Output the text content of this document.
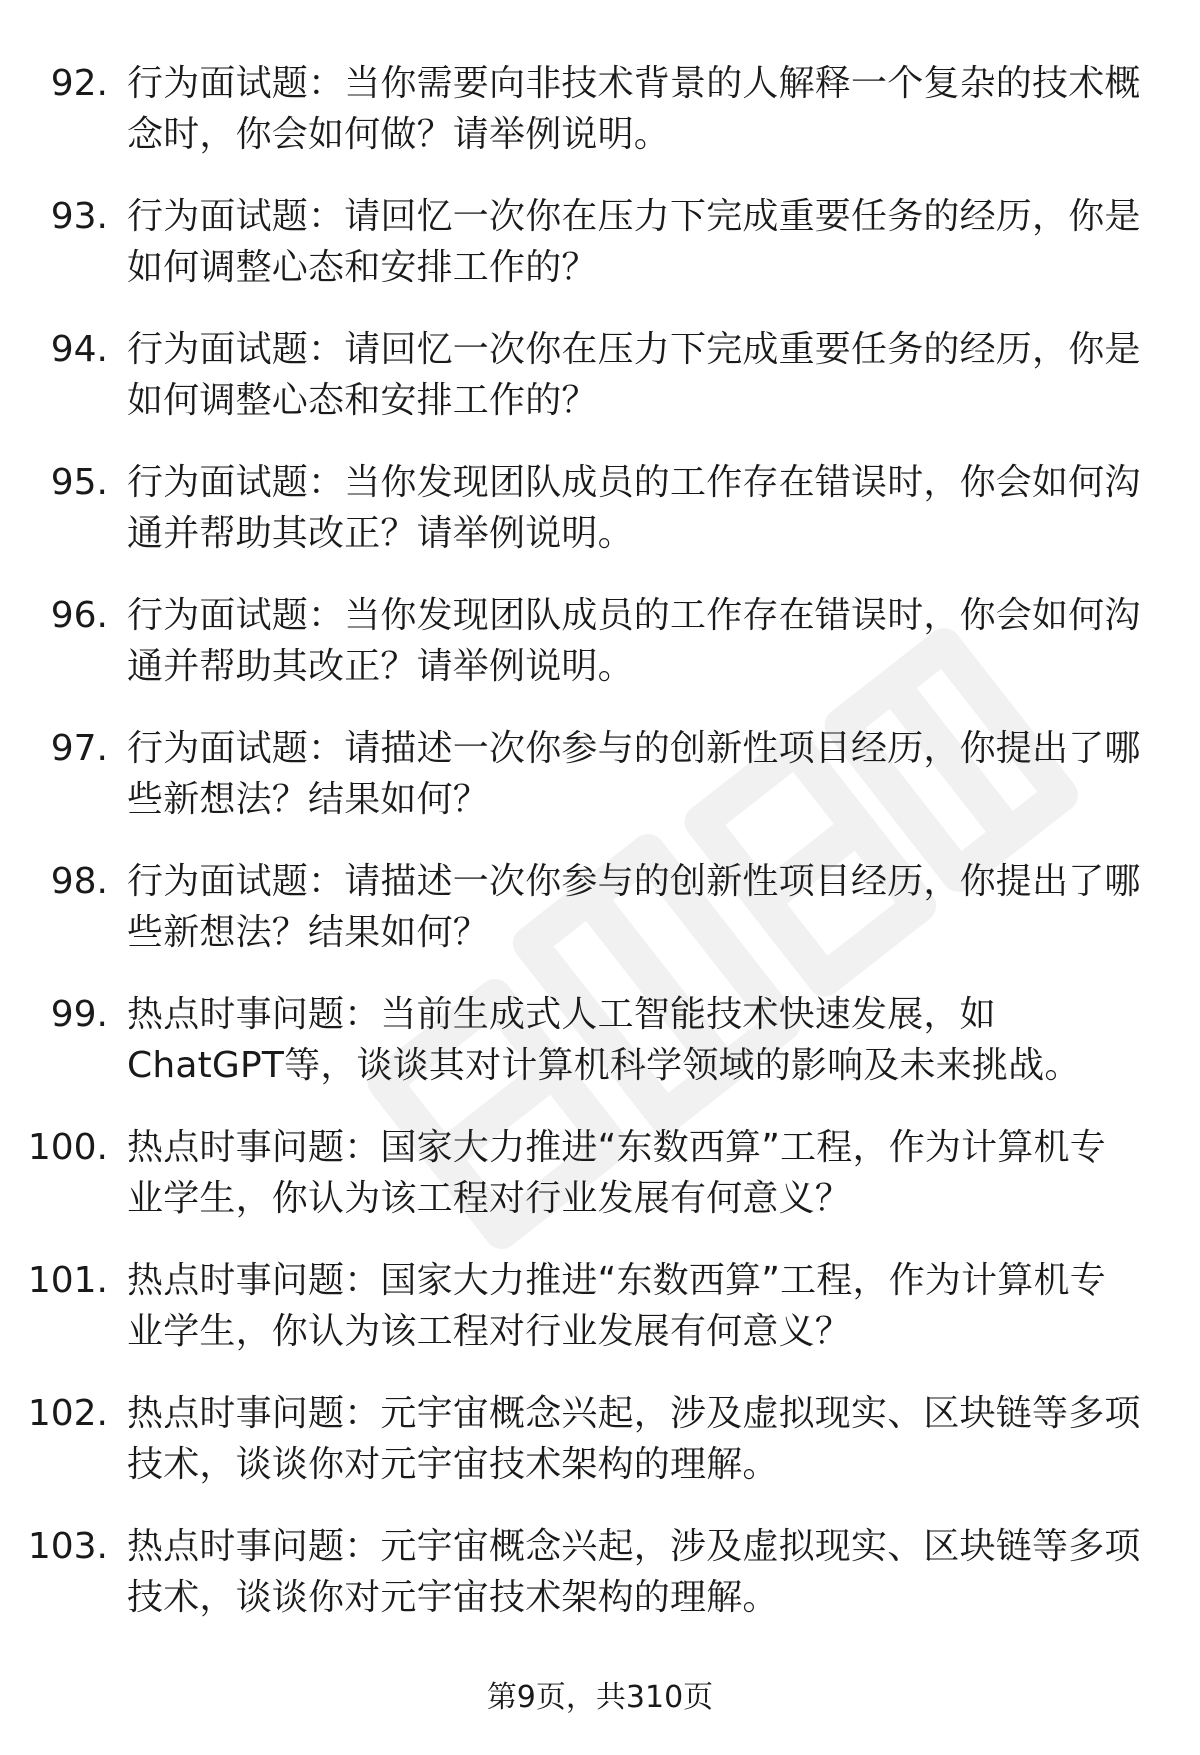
92. 行为面试题：当你需要向非技术背景的人解释一个复杂的技术概念时，你会如何做？请举例说明。
93. 行为面试题：请回忆一次你在压力下完成重要任务的经历，你是如何调整心态和安排工作的？
94. 行为面试题：请回忆一次你在压力下完成重要任务的经历，你是如何调整心态和安排工作的？
95. 行为面试题：当你发现团队成员的工作存在错误时，你会如何沟通并帮助其改正？请举例说明。
96. 行为面试题：当你发现团队成员的工作存在错误时，你会如何沟通并帮助其改正？请举例说明。
97. 行为面试题：请描述一次你参与的创新性项目经历，你提出了哪些新想法？结果如何？
98. 行为面试题：请描述一次你参与的创新性项目经历，你提出了哪些新想法？结果如何？
99. 热点时事问题：当前生成式人工智能技术快速发展，如ChatGPT等，谈谈其对计算机科学领域的影响及未来挑战。
100. 热点时事问题：国家大力推进“东数西算”工程，作为计算机专业学生，你认为该工程对行业发展有何意义？
101. 热点时事问题：国家大力推进“东数西算”工程，作为计算机专业学生，你认为该工程对行业发展有何意义？
102. 热点时事问题：元宇宙概念兴起，涉及虚拟现实、区块链等多项技术，谈谈你对元宇宙技术架构的理解。
103. 热点时事问题：元宇宙概念兴起，涉及虚拟现实、区块链等多项技术，谈谈你对元宇宙技术架构的理解。
第9页，共310页
